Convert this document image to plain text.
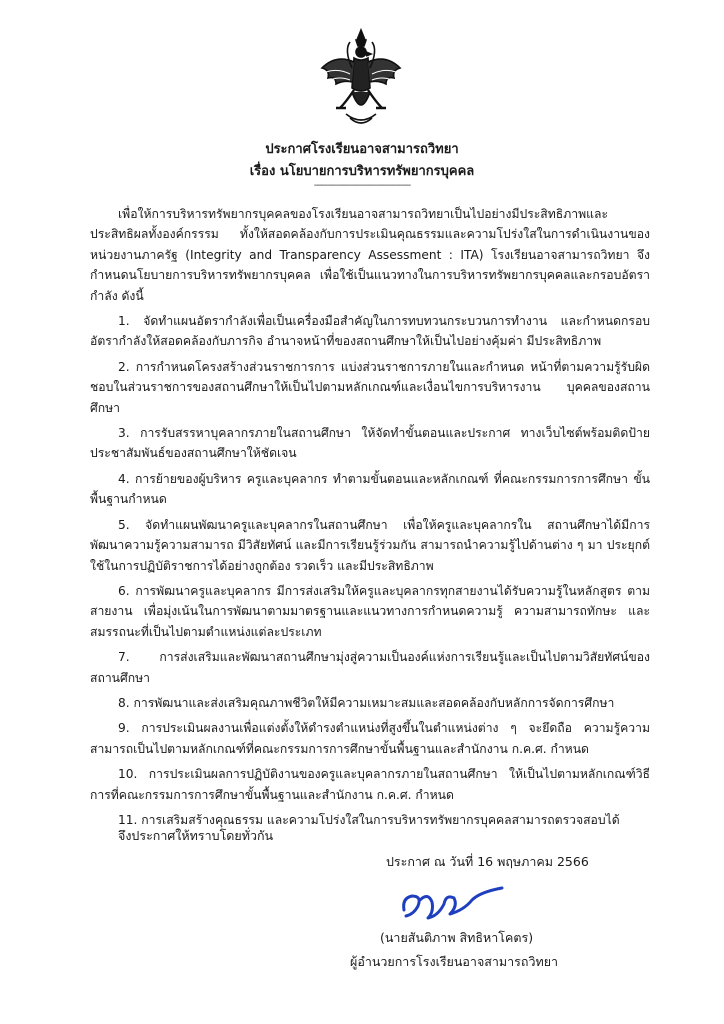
ประกาศโรงเรียนอาจสามารถวิทยา
เรื่อง นโยบายการบริหารทรัพยากรบุคคล
-------------------------------------

เพื่อให้การบริหารทรัพยากรบุคคลของโรงเรียนอาจสามารถวิทยาเป็นไปอย่างมีประสิทธิภาพและประสิทธิผลทั้งองค์กรรรม ทั้งให้สอดคล้องกับการประเมินคุณธรรมและความโปร่งใสในการดำเนินงานของหน่วยงานภาครัฐ (Integrity and Transparency Assessment : ITA) โรงเรียนอาจสามารถวิทยา จึงกำหนดนโยบายการบริหารทรัพยากรบุคคล เพื่อใช้เป็นแนวทางในการบริหารทรัพยากรบุคคลและกรอบอัตรากำลัง ดังนี้

1. จัดทำแผนอัตรากำลังเพื่อเป็นเครื่องมือสำคัญในการทบทวนกระบวนการทำงาน และกำหนดกรอบอัตรากำลังให้สอดคล้องกับภารกิจ อำนาจหน้าที่ของสถานศึกษาให้เป็นไปอย่างคุ้มค่า มีประสิทธิภาพ

2. การกำหนดโครงสร้างส่วนราชการการ แบ่งส่วนราชการภายในและกำหนด หน้าที่ตามความรู้รับผิดชอบในส่วนราชการของสถานศึกษาให้เป็นไปตามหลักเกณฑ์และเงื่อนไขการบริหารงาน บุคคลของสถานศึกษา

3. การรับสรรหาบุคลากรภายในสถานศึกษา ให้จัดทำขั้นตอนและประกาศ ทางเว็บไซต์พร้อมติดป้ายประชาสัมพันธ์ของสถานศึกษาให้ชัดเจน

4. การย้ายของผู้บริหาร ครูและบุคลากร ทำตามขั้นตอนและหลักเกณฑ์ ที่คณะกรรมการการศึกษา ขั้นพื้นฐานกำหนด

5. จัดทำแผนพัฒนาครูและบุคลากรในสถานศึกษา เพื่อให้ครูและบุคลากรใน สถานศึกษาได้มีการ พัฒนาความรู้ความสามารถ มีวิสัยทัศน์ และมีการเรียนรู้ร่วมกัน สามารถนำความรู้ไปด้านต่าง ๆ มา ประยุกต์ใช้ในการปฏิบัติราชการได้อย่างถูกต้อง รวดเร็ว และมีประสิทธิภาพ

6. การพัฒนาครูและบุคลากร มีการส่งเสริมให้ครูและบุคลากรทุกสายงานได้รับความรู้ในหลักสูตร ตามสายงาน เพื่อมุ่งเน้นในการพัฒนาตามมาตรฐานและแนวทางการกำหนดความรู้ ความสามารถทักษะ และสมรรถนะที่เป็นไปตามตำแหน่งแต่ละประเภท

7. การส่งเสริมและพัฒนาสถานศึกษามุ่งสู่ความเป็นองค์แห่งการเรียนรู้และเป็นไปตามวิสัยทัศน์ของสถานศึกษา

8. การพัฒนาและส่งเสริมคุณภาพชีวิตให้มีความเหมาะสมและสอดคล้องกับหลักการจัดการศึกษา

9. การประเมินผลงานเพื่อแต่งตั้งให้ดำรงตำแหน่งที่สูงขึ้นในตำแหน่งต่าง ๆ จะยึดถือ ความรู้ความสามารถเป็นไปตามหลักเกณฑ์ที่คณะกรรมการการศึกษาขั้นพื้นฐานและสำนักงาน ก.ค.ศ. กำหนด

10. การประเมินผลการปฏิบัติงานของครูและบุคลากรภายในสถานศึกษา ให้เป็นไปตามหลักเกณฑ์วิธีการที่คณะกรรมการการศึกษาขั้นพื้นฐานและสำนักงาน ก.ค.ศ. กำหนด

11. การเสริมสร้างคุณธรรม และความโปร่งใสในการบริหารทรัพยากรบุคคลสามารถตรวจสอบได้

จึงประกาศให้ทราบโดยทั่วกัน
ประกาศ ณ วันที่ 16 พฤษภาคม 2566
(นายสันติภาพ สิทธิหาโคตร)
ผู้อำนวยการโรงเรียนอาจสามารถวิทยา
